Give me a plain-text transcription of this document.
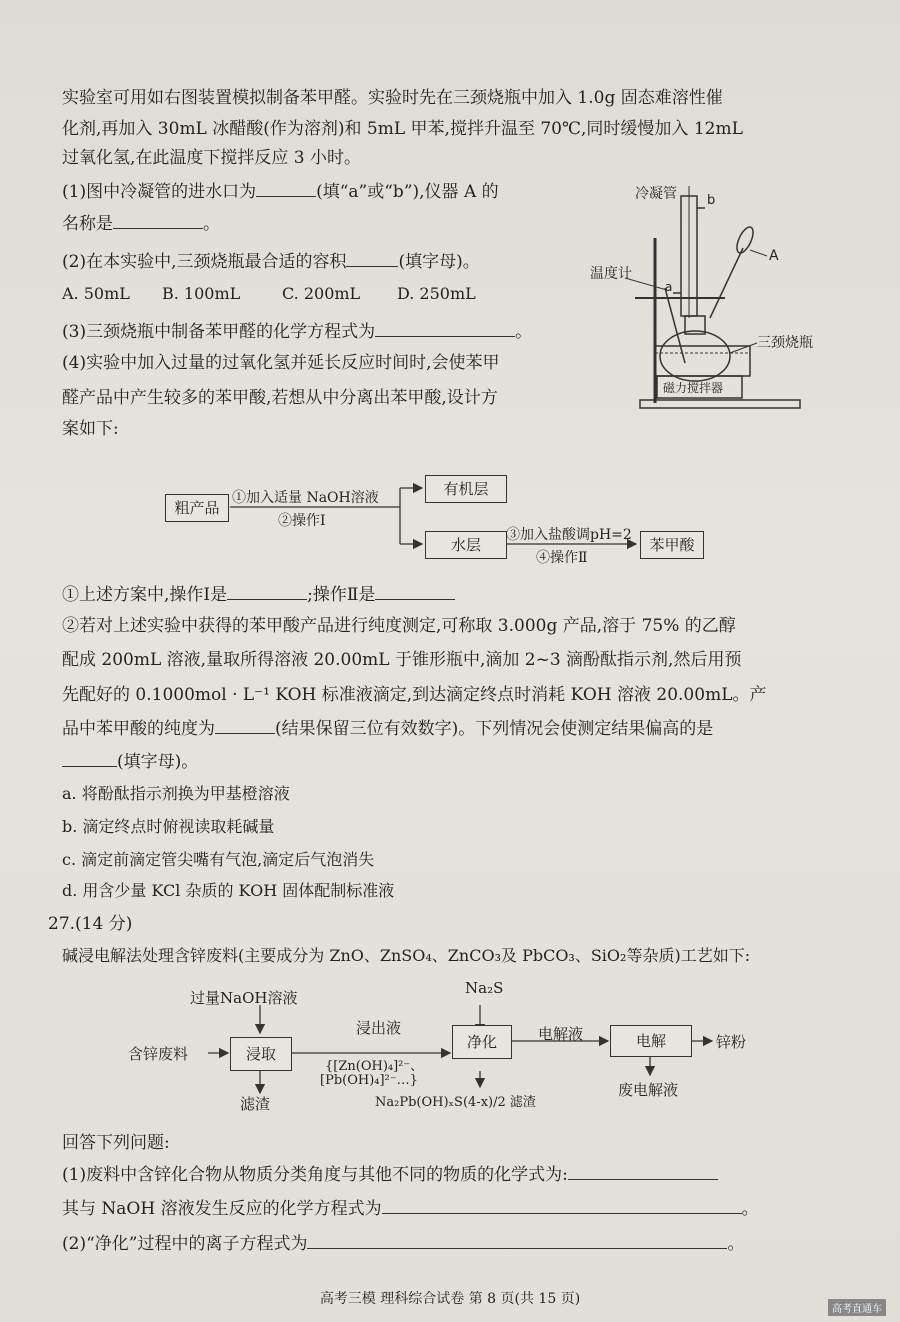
实验室可用如右图装置模拟制备苯甲醛。实验时先在三颈烧瓶中加入 1.0g 固态难溶性催
化剂,再加入 30mL 冰醋酸(作为溶剂)和 5mL 甲苯,搅拌升温至 70℃,同时缓慢加入 12mL
过氧化氢,在此温度下搅拌反应 3 小时。
(1)图中冷凝管的进水口为	(填“a”或“b”),仪器 A 的
名称是	。
(2)在本实验中,三颈烧瓶最合适的容积	(填字母)。
A. 50mL B. 100mL	C. 200mL D. 250mL
(3)三颈烧瓶中制备苯甲醛的化学方程式为	。
(4)实验中加入过量的过氧化氢并延长反应时间时,会使苯甲
醛产品中产生较多的苯甲酸,若想从中分离出苯甲酸,设计方
案如下:
冷凝管 b
a
A
温度计
三颈烧瓶
磁力搅拌器
粗产品
①加入适量 NaOH溶液
②操作Ⅰ
有机层
水层
③加入盐酸调pH=2
④操作Ⅱ
苯甲酸
①上述方案中,操作Ⅰ是	;操作Ⅱ是
②若对上述实验中获得的苯甲酸产品进行纯度测定,可称取 3.000g 产品,溶于 75% 的乙醇
配成 200mL 溶液,量取所得溶液 20.00mL 于锥形瓶中,滴加 2~3 滴酚酞指示剂,然后用预
先配好的 0.1000mol · L⁻¹ KOH 标准液滴定,到达滴定终点时消耗 KOH 溶液 20.00mL。产
品中苯甲酸的纯度为	(结果保留三位有效数字)。下列情况会使测定结果偏高的是
(填字母)。
a. 将酚酞指示剂换为甲基橙溶液
b. 滴定终点时俯视读取耗碱量
c. 滴定前滴定管尖嘴有气泡,滴定后气泡消失
d. 用含少量 KCl 杂质的 KOH 固体配制标准液
27.(14 分)
碱浸电解法处理含锌废料(主要成分为 ZnO、ZnSO₄、ZnCO₃及 PbCO₃、SiO₂等杂质)工艺如下:
过量NaOH溶液
含锌废料	浸取
滤渣
浸出液
{[Zn(OH)₄]²⁻、
[Pb(OH)₄]²⁻…}
Na₂S
净化
Na₂Pb(OH)ₓS(4-x)/2 滤渣
电解液	电解
废电解液
锌粉
回答下列问题:
(1)废料中含锌化合物从物质分类角度与其他不同的物质的化学式为:
其与 NaOH 溶液发生反应的化学方程式为	。
(2)“净化”过程中的离子方程式为	。
高考三模 理科综合试卷 第 8 页(共 15 页)
高考直通车
